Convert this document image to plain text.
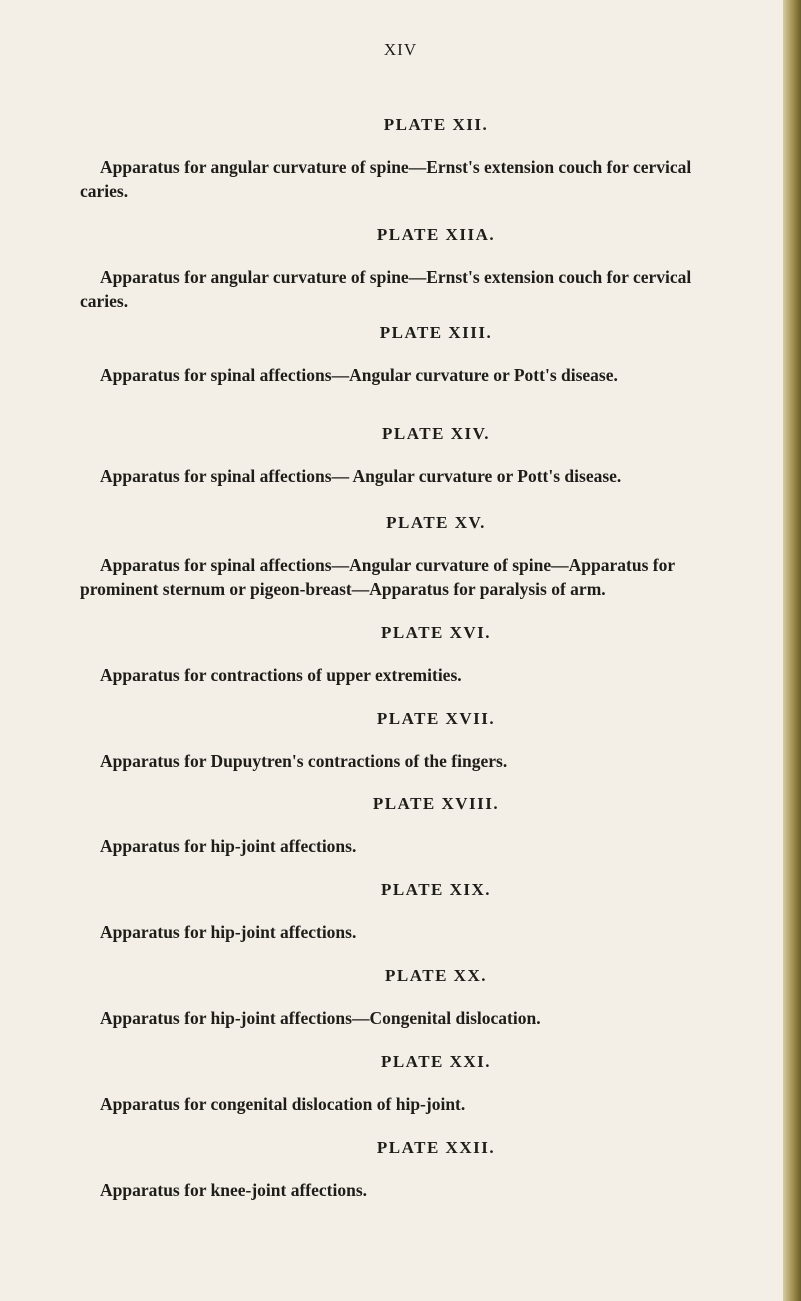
XIV

PLATE XII.

Apparatus for angular curvature of spine—Ernst's extension couch for cervical
caries.

PLATE XIIA.

Apparatus for angular curvature of spine—Ernst's extension couch for cervical
caries.

PLATE XIII.

Apparatus for spinal affections—Angular curvature or Pott's disease.

PLATE XIV.

Apparatus for spinal affections— Angular curvature or Pott's disease.

PLATE XV.

Apparatus for spinal affections—Angular curvature of spine—Apparatus for
prominent sternum or pigeon-breast—Apparatus for paralysis of arm.

PLATE XVI.

Apparatus for contractions of upper extremities.

PLATE XVII.

Apparatus for Dupuytren's contractions of the fingers.

PLATE XVIII.

Apparatus for hip-joint affections.

PLATE XIX.

Apparatus for hip-joint affections.

PLATE XX.

Apparatus for hip-joint affections—Congenital dislocation.

PLATE XXI.

Apparatus for congenital dislocation of hip-joint.

PLATE XXII.

Apparatus for knee-joint affections.
